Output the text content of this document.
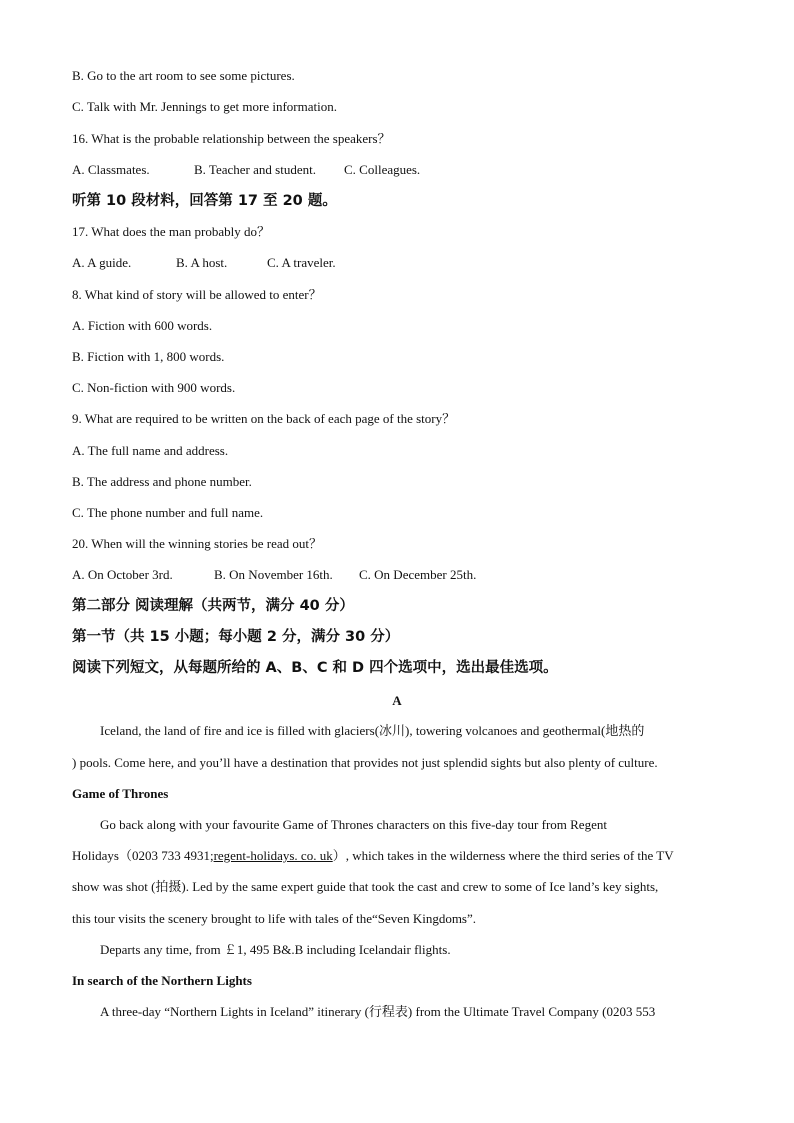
B. Go to the art room to see some pictures.
C. Talk with Mr. Jennings to get more information.
16. What is the probable relationship between the speakers？
A. Classmates.	B. Teacher and student. C. Colleagues.
听第 10 段材料，回答第 17 至 20 题。
17. What does the man probably do？
A. A guide.	B. A host.	C. A traveler.
8. What kind of story will be allowed to enter？
A. Fiction with 600 words.
B. Fiction with 1, 800 words.
C. Non-fiction with 900 words.
9. What are required to be written on the back of each page of the story？
A. The full name and address.
B. The address and phone number.
C. The phone number and full name.
20. When will the winning stories be read out？
A. On October 3rd.	B. On November 16th. C. On December 25th.
第二部分 阅读理解（共两节，满分 40 分）
第一节（共 15 小题；每小题 2 分，满分 30 分）
阅读下列短文，从每题所给的 A、B、C 和 D 四个选项中，选出最佳选项。
A
Iceland, the land of fire and ice is filled with glaciers(冰川), towering volcanoes and geothermal(地热的
) pools. Come here, and you’ll have a destination that provides not just splendid sights but also plenty of culture.
Game of Thrones
Go back along with your favourite Game of Thrones characters on this five-day tour from Regent
Holidays（0203 733 4931;regent-holidays. co. uk）, which takes in the wilderness where the third series of the TV
show was shot (拍摄). Led by the same expert guide that took the cast and crew to some of Ice land’s key sights,
this tour visits the scenery brought to life with tales of the“Seven Kingdoms”.
Departs any time, from ￡1, 495 B&.B including Icelandair flights.
In search of the Northern Lights
A three-day “Northern Lights in Iceland” itinerary (行程表) from the Ultimate Travel Company (0203 553
